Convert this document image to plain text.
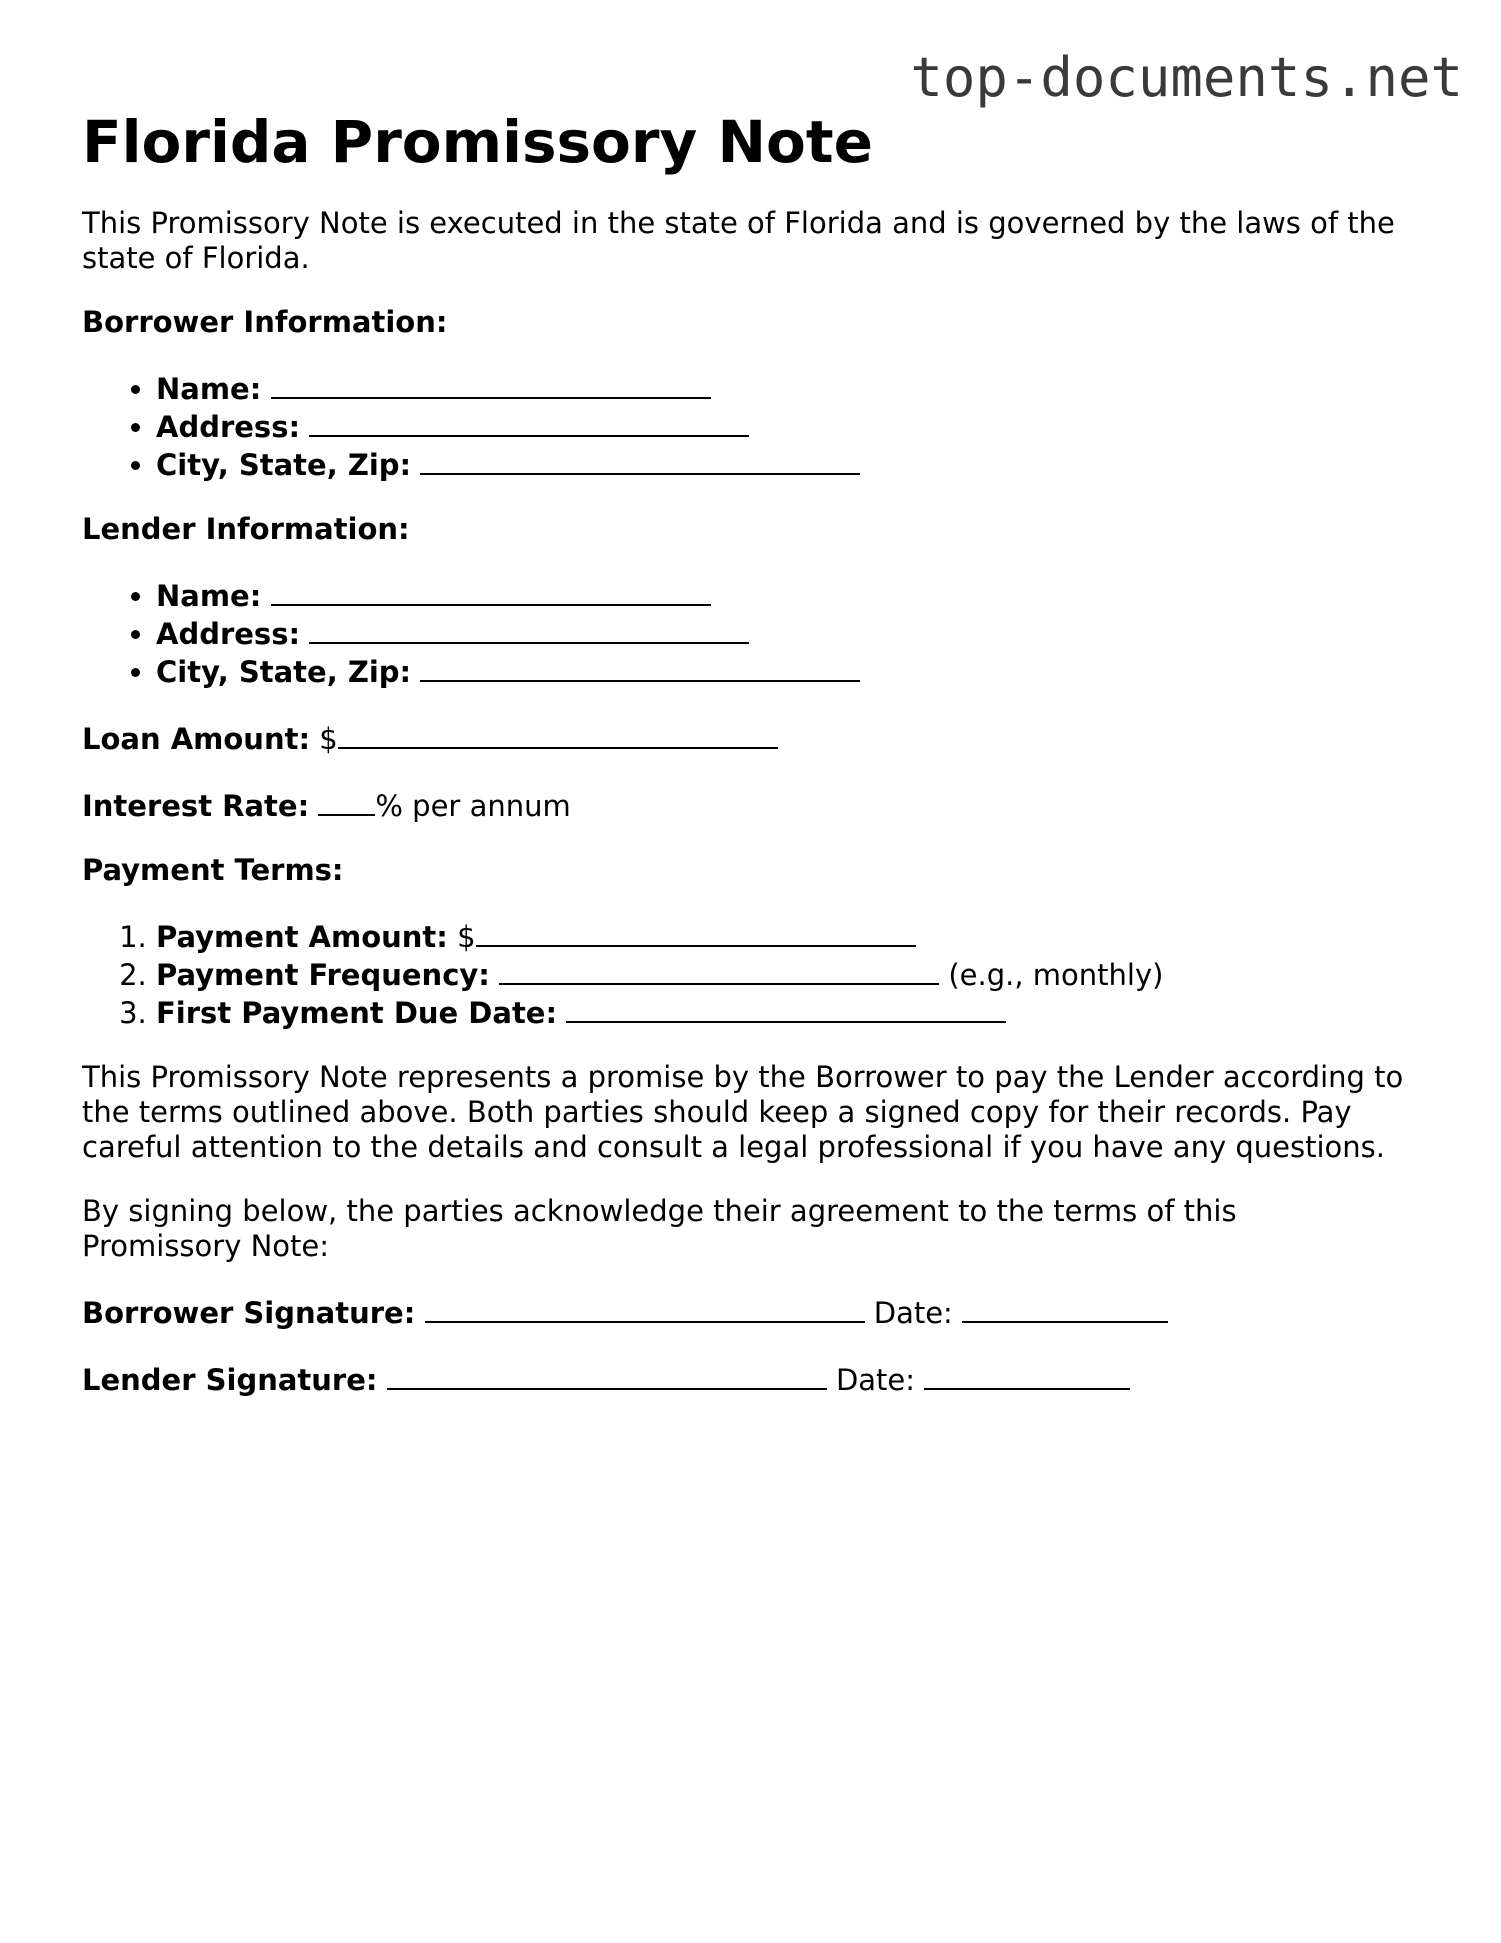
top-documents.net
Florida Promissory Note

This Promissory Note is executed in the state of Florida and is governed by the laws of the state of Florida.

Borrower Information:

• Name:
• Address:
• City, State, Zip:

Lender Information:

• Name:
• Address:
• City, State, Zip:

Loan Amount: $

Interest Rate: % per annum

Payment Terms:

1. Payment Amount: $
2. Payment Frequency:	(e.g., monthly)
3. First Payment Due Date:

This Promissory Note represents a promise by the Borrower to pay the Lender according to the terms outlined above. Both parties should keep a signed copy for their records. Pay careful attention to the details and consult a legal professional if you have any questions.

By signing below, the parties acknowledge their agreement to the terms of this Promissory Note:

Borrower Signature:	Date:

Lender Signature:	Date:
